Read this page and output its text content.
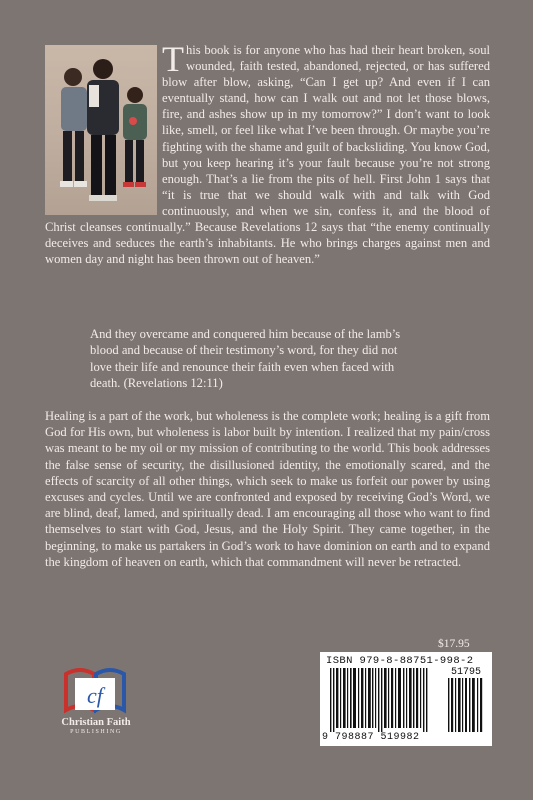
This book is for anyone who has had their heart broken, soul wounded, faith tested, abandoned, rejected, or has suffered blow after blow, asking, “Can I get up? And even if I can eventually stand, how can I walk out and not let those blows, fire, and ashes show up in my tomorrow?” I don’t want to look like, smell, or feel like what I’ve been through. Or maybe you’re fighting with the shame and guilt of backsliding. You know God, but you keep hearing it’s your fault because you’re not strong enough. That’s a lie from the pits of hell. First John 1 says that “it is true that we should walk with and talk with God continuously, and when we sin, confess it, and the blood of Christ cleanses continually.” Because Revelations 12 says that “the enemy continually deceives and seduces the earth’s inhabitants. He who brings charges against men and women day and night has been thrown out of heaven.”

And they overcame and conquered him because of the lamb’s blood and because of their testimony’s word, for they did not love their life and renounce their faith even when faced with death. (Revelations 12:11)

Healing is a part of the work, but wholeness is the complete work; healing is a gift from God for His own, but wholeness is labor built by intention. I realized that my pain/cross was meant to be my oil or my mission of contributing to the world. This book addresses the false sense of security, the disillusioned identity, the emotionally scared, and the effects of scarcity of all other things, which seek to make us forfeit our power by using excuses and cycles. Until we are confronted and exposed by receiving God’s Word, we are blind, deaf, lamed, and spiritually dead. I am encouraging all those who want to find themselves to start with God, Jesus, and the Holy Spirit. They came together, in the beginning, to make us partakers in God’s work to have dominion on earth and to expand the kingdom of heaven on earth, which that commandment will never be retracted.

$17.95
ISBN 979-8-88751-998-2
51795
9 798887 519982
cf
Christian Faith
PUBLISHING
